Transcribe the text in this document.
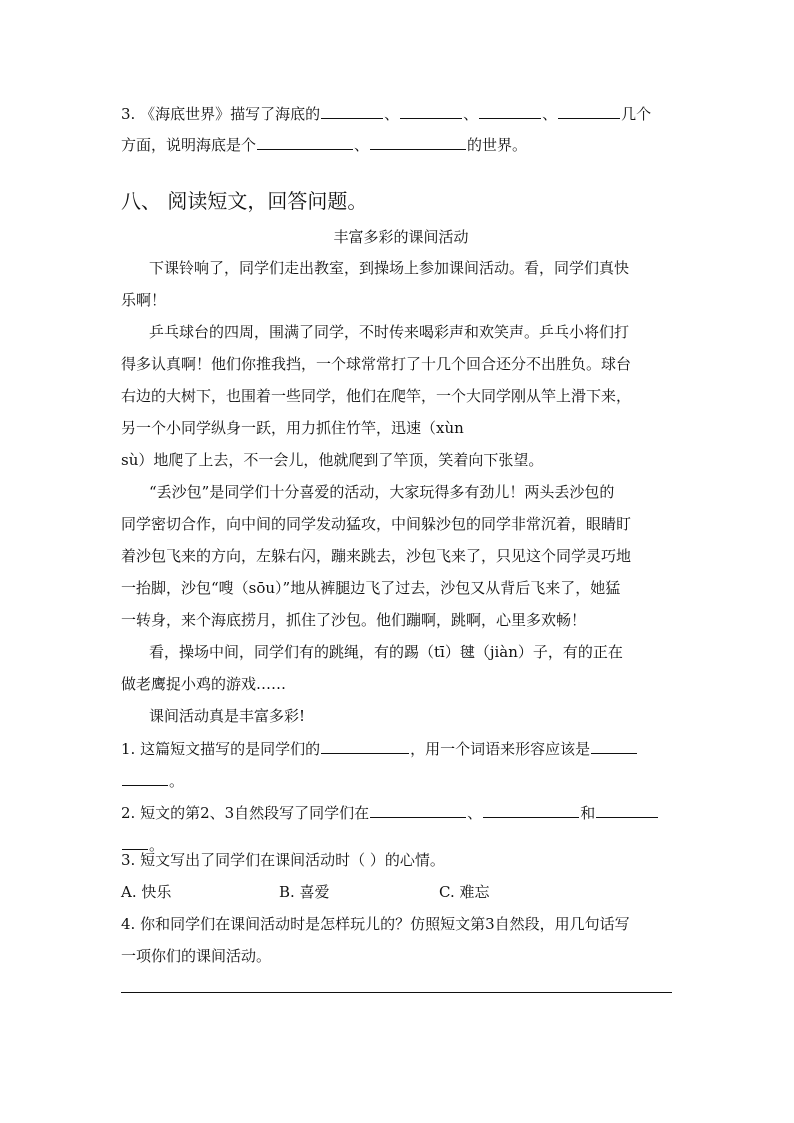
3. 《海底世界》描写了海底的	、	、	、	几个
方面，说明海底是个	、	的世界。
八、 阅读短文，回答问题。
丰富多彩的课间活动
下课铃响了，同学们走出教室，到操场上参加课间活动。看，同学们真快
乐啊！
乒乓球台的四周，围满了同学，不时传来喝彩声和欢笑声。乒乓小将们打
得多认真啊！他们你推我挡，一个球常常打了十几个回合还分不出胜负。球台
右边的大树下，也围着一些同学，他们在爬竿，一个大同学刚从竿上滑下来，
另一个小同学纵身一跃，用力抓住竹竿，迅速（xùn
sù）地爬了上去，不一会儿，他就爬到了竿顶，笑着向下张望。
“丢沙包”是同学们十分喜爱的活动，大家玩得多有劲儿！两头丢沙包的
同学密切合作，向中间的同学发动猛攻，中间躲沙包的同学非常沉着，眼睛盯
着沙包飞来的方向，左躲右闪，蹦来跳去，沙包飞来了，只见这个同学灵巧地
一抬脚，沙包“嗖（sōu）”地从裤腿边飞了过去，沙包又从背后飞来了，她猛
一转身，来个海底捞月，抓住了沙包。他们蹦啊，跳啊，心里多欢畅！
看，操场中间，同学们有的跳绳，有的踢（tī）毽（jiàn）子，有的正在
做老鹰捉小鸡的游戏……
课间活动真是丰富多彩!
1. 这篇短文描写的是同学们的	，用一个词语来形容应该是
。
2. 短文的第2、3自然段写了同学们在	、	和
。
3. 短文写出了同学们在课间活动时（ ）的心情。
A. 快乐	B. 喜爱	C. 难忘
4. 你和同学们在课间活动时是怎样玩儿的？仿照短文第3自然段，用几句话写
一项你们的课间活动。
